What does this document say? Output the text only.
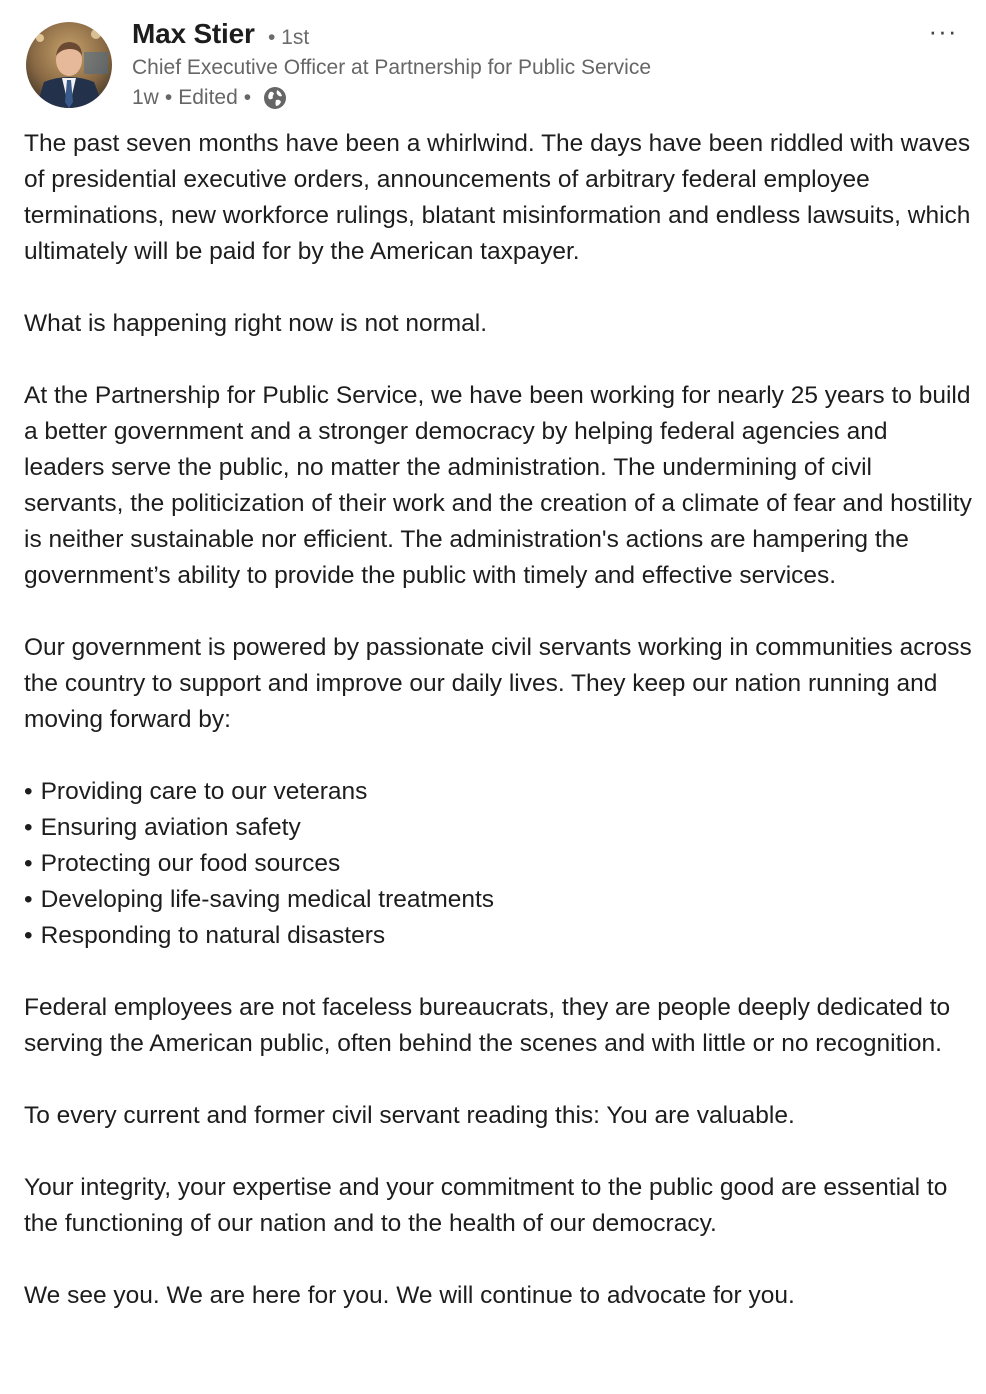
Max Stier • 1st
Chief Executive Officer at Partnership for Public Service
1w • Edited •
···

The past seven months have been a whirlwind. The days have been riddled with waves of presidential executive orders, announcements of arbitrary federal employee terminations, new workforce rulings, blatant misinformation and endless lawsuits, which ultimately will be paid for by the American taxpayer.

What is happening right now is not normal.

At the Partnership for Public Service, we have been working for nearly 25 years to build a better government and a stronger democracy by helping federal agencies and leaders serve the public, no matter the administration. The undermining of civil servants, the politicization of their work and the creation of a climate of fear and hostility is neither sustainable nor efficient. The administration's actions are hampering the government’s ability to provide the public with timely and effective services.

Our government is powered by passionate civil servants working in communities across the country to support and improve our daily lives. They keep our nation running and moving forward by:

• Providing care to our veterans
• Ensuring aviation safety
• Protecting our food sources
• Developing life-saving medical treatments
• Responding to natural disasters

Federal employees are not faceless bureaucrats, they are people deeply dedicated to serving the American public, often behind the scenes and with little or no recognition.

To every current and former civil servant reading this: You are valuable.

Your integrity, your expertise and your commitment to the public good are essential to the functioning of our nation and to the health of our democracy.

We see you. We are here for you. We will continue to advocate for you.
